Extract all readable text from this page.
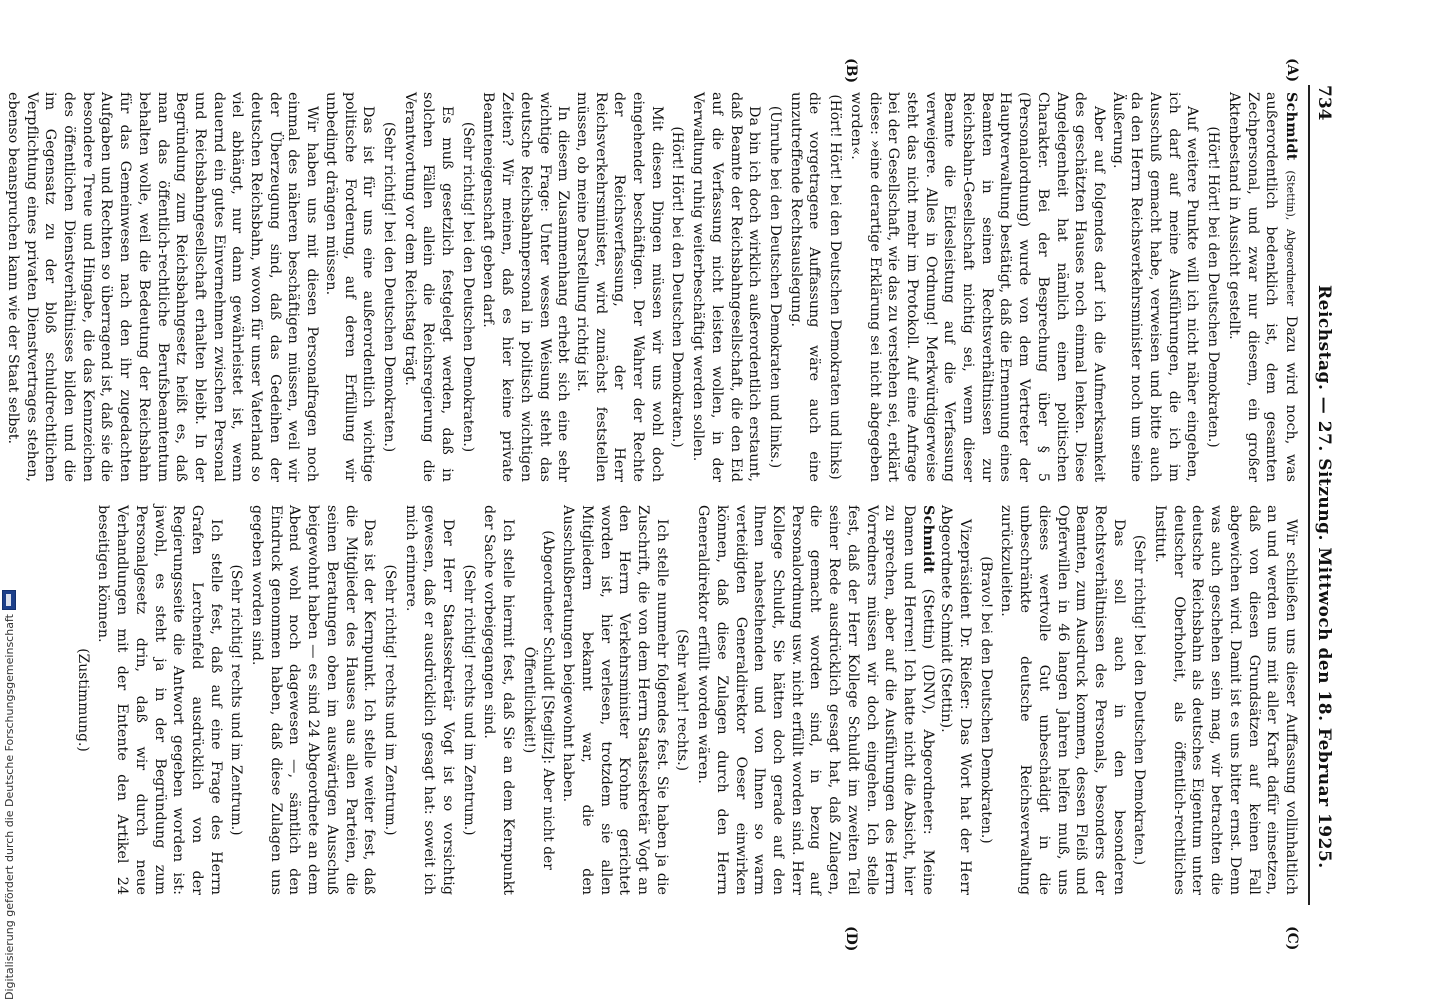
734
Reichstag. — 27. Sitzung. Mittwoch den 18. Februar 1925.
(A)
(B)
(C)
(D)

Schmidt (Stettin), Abgeordneter Dazu wird noch, was außerordentlich bedenklich ist, dem gesamten Zechpersonal, und zwar nur diesem, ein großer Aktenbestand in Aussicht gestellt.

(Hört! Hört! bei den Deutschen Demokraten.)

Auf weitere Punkte will ich nicht näher eingehen, ich darf auf meine Ausführungen, die ich im Ausschuß gemacht habe, verweisen und bitte auch da den Herrn Reichsverkehrsminister noch um seine Äußerung.

Aber auf folgendes darf ich die Aufmerksamkeit des geschätzten Hauses noch einmal lenken. Diese Angelegenheit hat nämlich einen politischen Charakter. Bei der Besprechung über § 5 (Personalordnung) wurde von dem Vertreter der Hauptverwaltung bestätigt, daß die Ernennung eines Beamten in seinen Rechtsverhältnissen zur Reichsbahn-Gesellschaft nichtig sei, wenn dieser Beamte die Eidesleistung auf die Verfassung verweigere. Alles in Ordnung! Merkwürdigerweise steht das nicht mehr im Protokoll. Auf eine Anfrage bei der Gesellschaft, wie das zu verstehen sei, erklärt diese: »eine derartige Erklärung sei nicht abgegeben worden«.

(Hört! Hört! bei den Deutschen Demokraten und links)

die vorgetragene Auffassung wäre auch eine unzutreffende Rechtsauslegung.

(Unruhe bei den Deutschen Demokraten und links.)

Da bin ich doch wirklich außerordentlich erstaunt, daß Beamte der Reichsbahngesellschaft, die den Eid auf die Verfassung nicht leisten wollen, in der Verwaltung ruhig weiterbeschäftigt werden sollen.

(Hört! Hört! bei den Deutschen Demokraten.)

Mit diesen Dingen müssen wir uns wohl doch eingehender beschäftigen. Der Wahrer der Rechte der Reichsverfassung, der Herr Reichsverkehrsminister, wird zunächst feststellen müssen, ob meine Darstellung richtig ist.

In diesem Zusammenhang erhebt sich eine sehr wichtige Frage: Unter wessen Weisung steht das deutsche Reichsbahnpersonal in politisch wichtigen Zeiten? Wir meinen, daß es hier keine private Beamteneigenschaft geben darf.

(Sehr richtig! bei den Deutschen Demokraten.)

Es muß gesetzlich festgelegt werden, daß in solchen Fällen allein die Reichsregierung die Verantwortung vor dem Reichstag trägt.

(Sehr richtig! bei den Deutschen Demokraten.)

Das ist für uns eine außerordentlich wichtige politische Forderung, auf deren Erfüllung wir unbedingt drängen müssen.

Wir haben uns mit diesen Personalfragen noch einmal des näheren beschäftigen müssen, weil wir der Überzeugung sind, daß das Gedeihen der deutschen Reichsbahn, wovon für unser Vaterland so viel abhängt, nur dann gewährleistet ist, wenn dauernd ein gutes Einvernehmen zwischen Personal und Reichsbahngesellschaft erhalten bleibt. In der Begründung zum Reichsbahngesetz heißt es, daß man das öffentlich-rechtliche Berufsbeamtentum behalten wolle, weil die Bedeutung der Reichsbahn für das Gemeinwesen nach den ihr zugedachten Aufgaben und Rechten so überragend ist, daß sie die besondere Treue und Hingabe, die das Kennzeichen des öffentlichen Dienstverhältnisses bilden und die im Gegensatz zu der bloß schuldrechtlichen Verpflichtung eines privaten Dienstvertrages stehen, ebenso beanspruchen kann wie der Staat selbst.

Wir schließen uns dieser Auffassung vollinhaltlich an und werden uns mit aller Kraft dafür einsetzen, daß von diesen Grundsätzen auf keinen Fall abgewichen wird. Damit ist es uns bitter ernst. Denn was auch geschehen sein mag, wir betrachten die deutsche Reichsbahn als deutsches Eigentum unter deutscher Oberhoheit, als öffentlich-rechtliches Institut.

(Sehr richtig! bei den Deutschen Demokraten.)

Das soll auch in den besonderen Rechtsverhältnissen des Personals, besonders der Beamten, zum Ausdruck kommen, dessen Fleiß und Opferwillen in 46 langen Jahren helfen muß, uns dieses wertvolle Gut unbeschädigt in die unbeschränkte deutsche Reichsverwaltung zurückzuleiten.

(Bravo! bei den Deutschen Demokraten.)

Vizepräsident Dr. Rießer: Das Wort hat der Herr Abgeordnete Schmidt (Stettin).

Schmidt (Stettin) (DNV), Abgeordneter: Meine Damen und Herren! Ich hatte nicht die Absicht, hier zu sprechen, aber auf die Ausführungen des Herrn Vorredners müssen wir doch eingehen. Ich stelle fest, daß der Herr Kollege Schuldt im zweiten Teil seiner Rede ausdrücklich gesagt hat, daß Zulagen, die gemacht worden sind, in bezug auf Personalordnung usw. nicht erfüllt worden sind. Herr Kollege Schuldt, Sie hätten doch gerade auf den Ihnen nahestehenden und von Ihnen so warm verteidigten Generaldirektor Oeser einwirken können, daß diese Zulagen durch den Herrn Generaldirektor erfüllt worden wären.

(Sehr wahr! rechts.)

Ich stelle nunmehr folgendes fest. Sie haben ja die Zuschrift, die von dem Herrn Staatssekretär Vogt an den Herrn Verkehrsminister Krohne gerichtet worden ist, hier verlesen, trotzdem sie allen Mitgliedern bekannt war, die den Ausschußberatungen beigewohnt haben.

(Abgeordneter Schuldt [Steglitz]: Aber nicht der Öffentlichkeit!)

Ich stelle hiermit fest, daß Sie an dem Kernpunkt der Sache vorbeigegangen sind.

(Sehr richtig! rechts und im Zentrum.)

Der Herr Staatssekretär Vogt ist so vorsichtig gewesen, daß er ausdrücklich gesagt hat: soweit ich mich erinnere.

(Sehr richtig! rechts und im Zentrum.)

Das ist der Kernpunkt. Ich stelle weiter fest, daß die Mitglieder des Hauses aus allen Parteien, die seinen Beratungen oben im auswärtigen Ausschuß beigewohnt haben — es sind 24 Abgeordnete an dem Abend wohl noch dagewesen —, sämtlich den Eindruck genommen haben, daß diese Zulagen uns gegeben worden sind.

(Sehr richtig! rechts und im Zentrum.)

Ich stelle fest, daß auf eine Frage des Herrn Grafen Lerchenfeld ausdrücklich von der Regierungsseite die Antwort gegeben worden ist: jawohl, es steht ja in der Begründung zum Personalgesetz drin, daß wir durch neue Verhandlungen mit der Entente den Artikel 24 beseitigen können.

(Zustimmung.)

Digitalisierung gefördert durch die Deutsche Forschungsgemeinschaft
